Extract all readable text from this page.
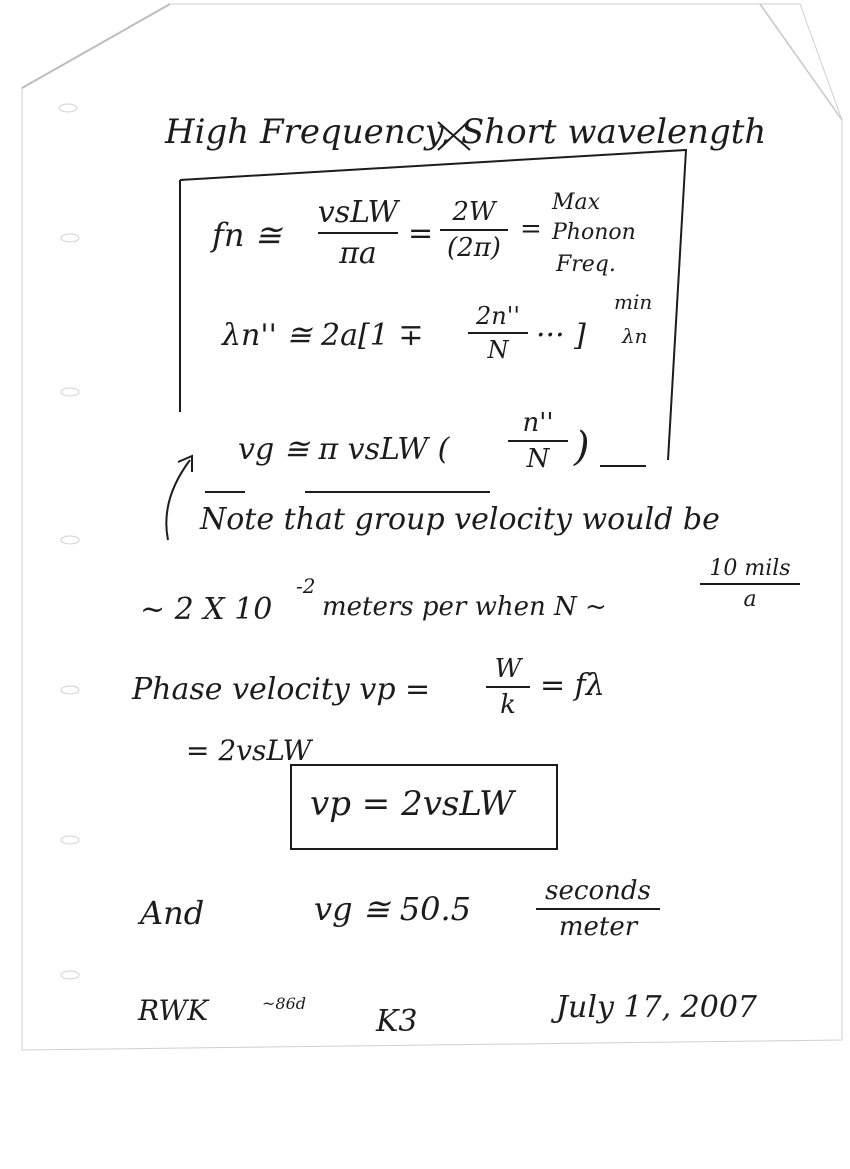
High Frequency, Short wavelength
fn ≅
vsLW
πa
=
2W
(2π)
=
Max
Phonon
Freq.
λn'' ≅ 2a[1 ∓
2n''
N ··· ]
min
λn
vg ≅ π vsLW (
n''
N )
Note that group velocity would be
~ 2 X 10
-2
meters per when N ~
10 mils
a
Phase velocity vp =
W
k
= fλ
= 2vsLW
vp = 2vsLW
And	vg ≅ 50.5	seconds
meter
RWK	~86d
K3	July 17, 2007
